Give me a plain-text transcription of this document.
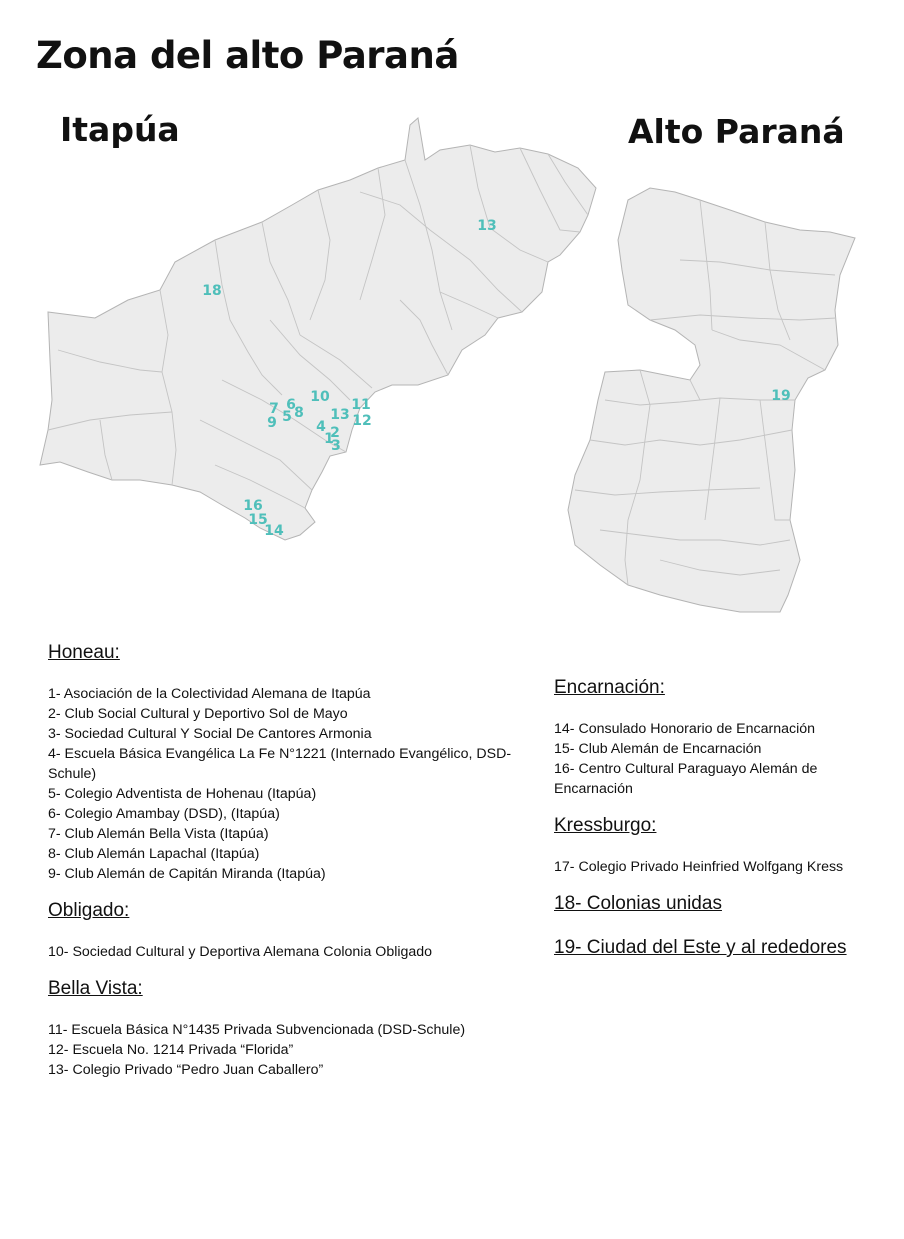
Zona del alto Paraná
Itapúa	Alto Paraná
13
18
10 11
12
13
6
7 8
5
9	4 2
1
3
16
15
14
19

Honeau:

1- Asociación de la Colectividad Alemana de Itapúa

2- Club Social Cultural y Deportivo Sol de Mayo

3- Sociedad Cultural Y Social De Cantores Armonia

4- Escuela Básica Evangélica La Fe N°1221 (Internado Evangélico, DSD-Schule)

5- Colegio Adventista de Hohenau (Itapúa)

6- Colegio Amambay (DSD), (Itapúa)

7- Club Alemán Bella Vista (Itapúa)

8- Club Alemán Lapachal (Itapúa)

9- Club Alemán de Capitán Miranda (Itapúa)

Obligado:

10- Sociedad Cultural y Deportiva Alemana Colonia Obligado

Bella Vista:

11- Escuela Básica N°1435 Privada Subvencionada (DSD-Schule)

12- Escuela No. 1214 Privada “Florida”

13- Colegio Privado “Pedro Juan Caballero”

Encarnación:

14- Consulado Honorario de Encarnación

15- Club Alemán de Encarnación

16- Centro Cultural Paraguayo Alemán de Encarnación

Kressburgo:

17- Colegio Privado Heinfried Wolfgang Kress

18- Colonias unidas

19- Ciudad del Este y al rededores
